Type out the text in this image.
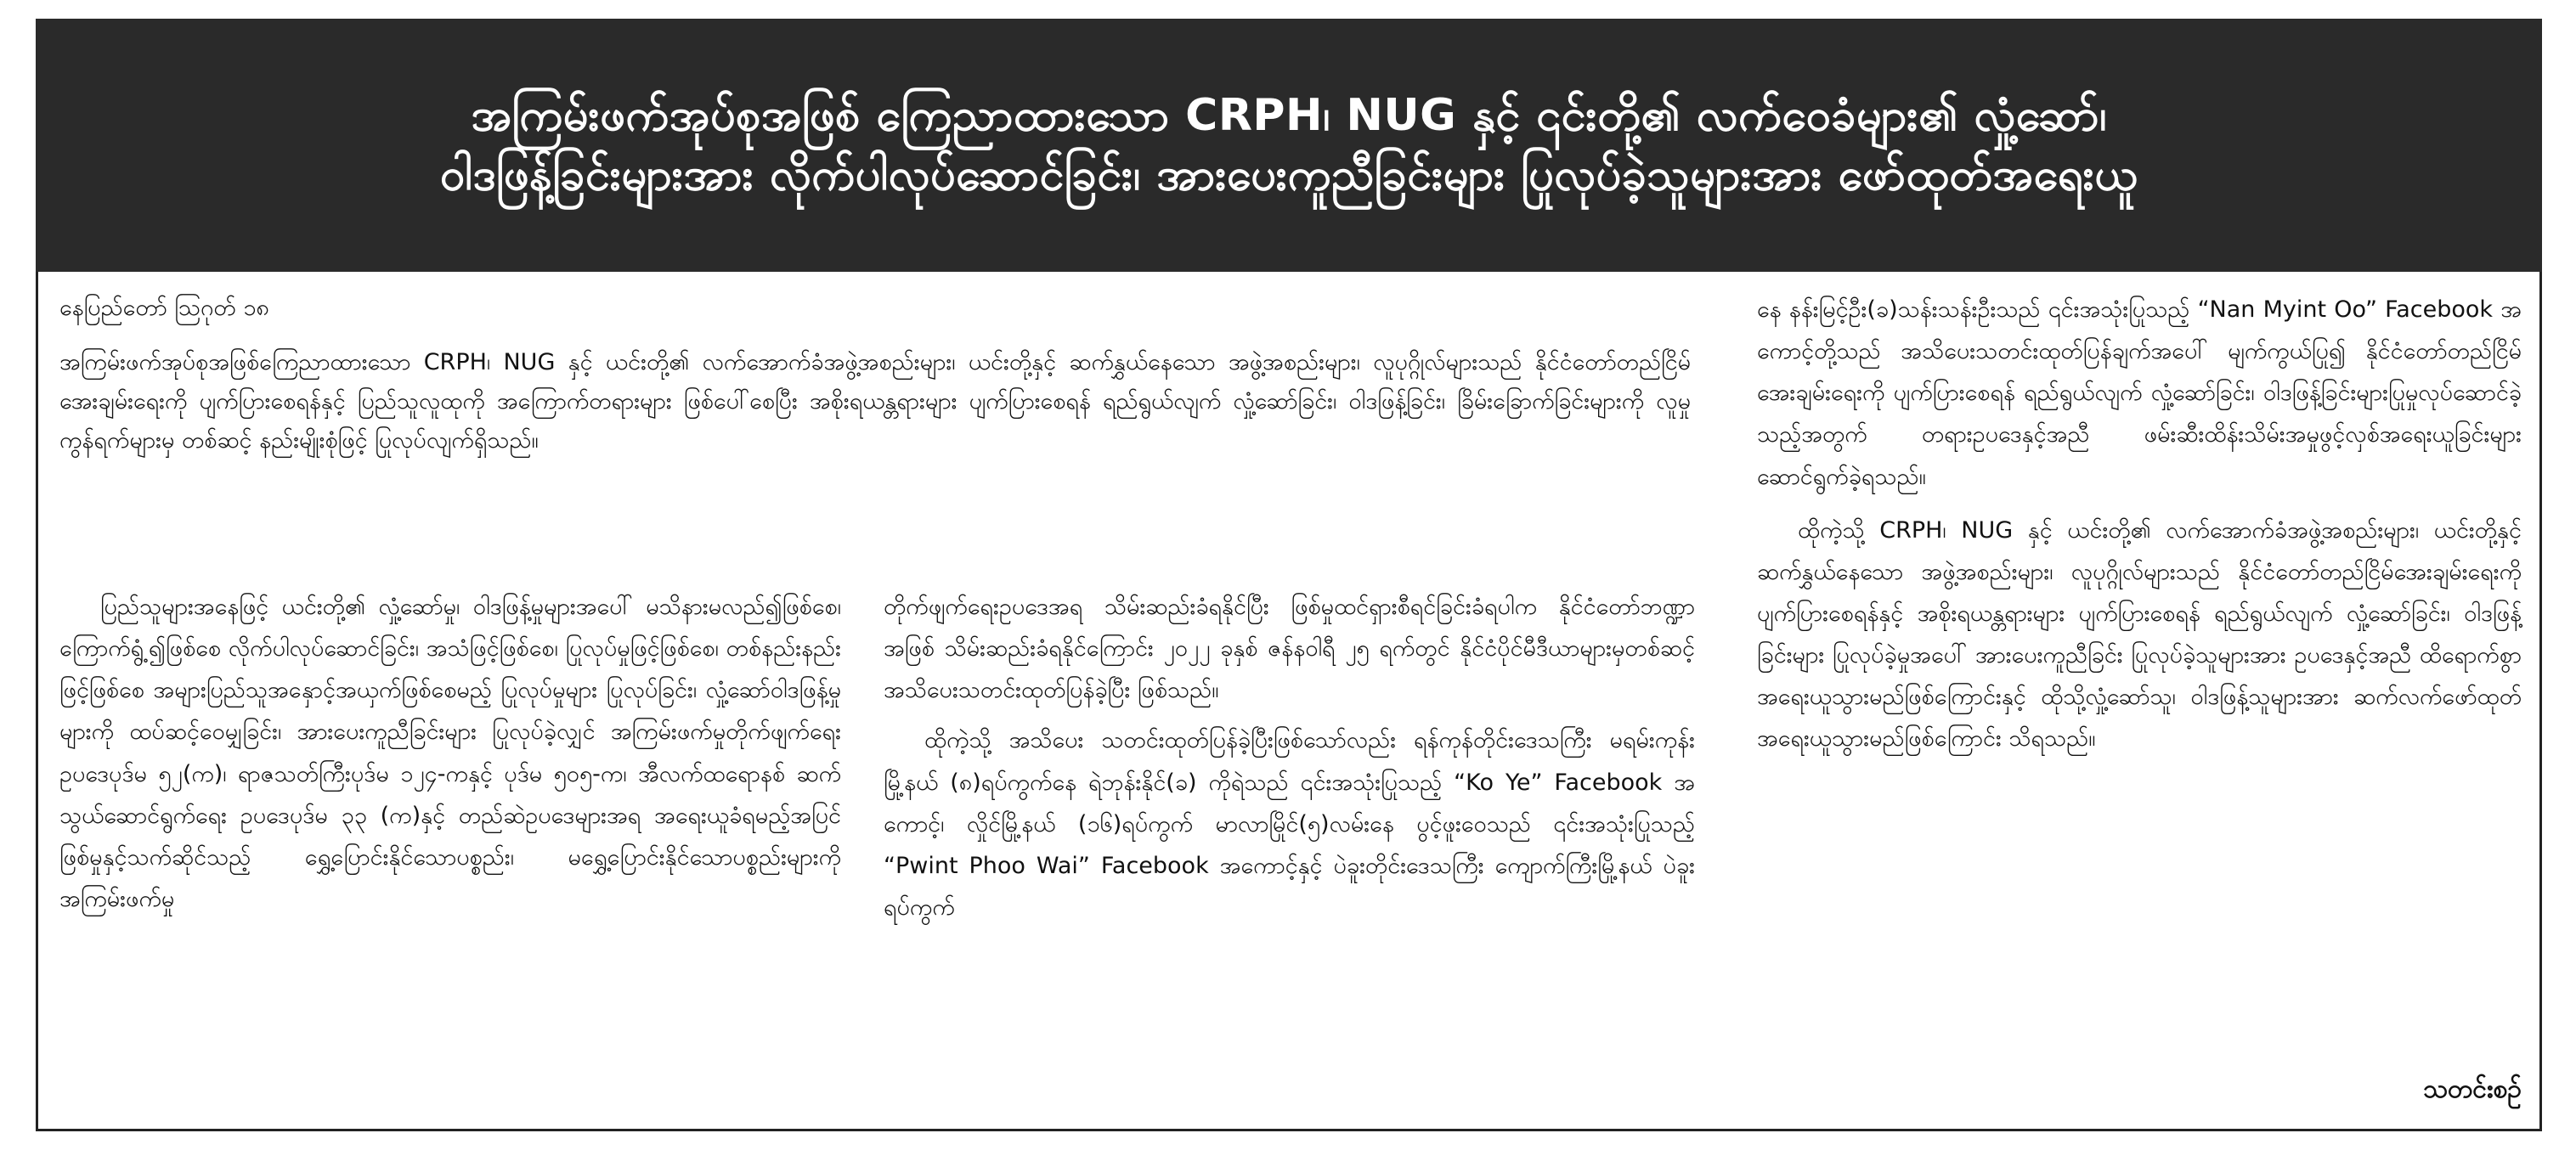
အကြမ်းဖက်အုပ်စုအဖြစ် ကြေညာထားသော CRPH၊ NUG နှင့် ၎င်းတို့၏ လက်ဝေခံများ၏ လှုံ့ဆော်၊
ဝါဒဖြန့်ခြင်းများအား လိုက်ပါလုပ်ဆောင်ခြင်း၊ အားပေးကူညီခြင်းများ ပြုလုပ်ခဲ့သူများအား ဖော်ထုတ်အရေးယူ

နေပြည်တော် ဩဂုတ် ၁၈

အကြမ်းဖက်အုပ်စုအဖြစ်ကြေညာထားသော CRPH၊ NUG နှင့် ယင်းတို့၏ လက်အောက်ခံအဖွဲ့အစည်းများ၊ ယင်းတို့နှင့် ဆက်နွှယ်နေသော အဖွဲ့အစည်းများ၊ လူပုဂ္ဂိုလ်များသည် နိုင်ငံတော်တည်ငြိမ်အေးချမ်းရေးကို ပျက်ပြားစေရန်နှင့် ပြည်သူလူထုကို အကြောက်တရားများ ဖြစ်ပေါ်စေပြီး အစိုးရယန္တရားများ ပျက်ပြားစေရန် ရည်ရွယ်လျက် လှုံ့ဆော်ခြင်း၊ ဝါဒဖြန့်ခြင်း၊ ခြိမ်းခြောက်ခြင်းများကို လူမှုကွန်ရက်များမှ တစ်ဆင့် နည်းမျိုးစုံဖြင့် ပြုလုပ်လျက်ရှိသည်။

ပြည်သူများအနေဖြင့် ယင်းတို့၏ လှုံ့ဆော်မှု၊ ဝါဒဖြန့်မှုများအပေါ် မသိနားမလည်၍ဖြစ်စေ၊ ကြောက်ရွံ့၍ဖြစ်စေ လိုက်ပါလုပ်ဆောင်ခြင်း၊ အသံဖြင့်ဖြစ်စေ၊ ပြုလုပ်မှုဖြင့်ဖြစ်စေ၊ တစ်နည်းနည်းဖြင့်ဖြစ်စေ အများပြည်သူအနှောင့်အယှက်ဖြစ်စေမည့် ပြုလုပ်မှုများ ပြုလုပ်ခြင်း၊ လှုံ့ဆော်ဝါဒဖြန့်မှုများကို ထပ်ဆင့်ဝေမျှခြင်း၊ အားပေးကူညီခြင်းများ ပြုလုပ်ခဲ့လျှင် အကြမ်းဖက်မှုတိုက်ဖျက်ရေး ဥပဒေပုဒ်မ ၅၂(က)၊ ရာဇသတ်ကြီးပုဒ်မ ၁၂၄-ကနှင့် ပုဒ်မ ၅၀၅-က၊ အီလက်ထရောနစ် ဆက်သွယ်ဆောင်ရွက်ရေး ဥပဒေပုဒ်မ ၃၃ (က)နှင့် တည်ဆဲဥပဒေများအရ အရေးယူခံရမည့်အပြင် ဖြစ်မှုနှင့်သက်ဆိုင်သည့် ရွှေ့ပြောင်းနိုင်သောပစ္စည်း၊ မရွှေ့ပြောင်းနိုင်သောပစ္စည်းများကို အကြမ်းဖက်မှု

တိုက်ဖျက်ရေးဥပဒေအရ သိမ်းဆည်းခံရနိုင်ပြီး ဖြစ်မှုထင်ရှားစီရင်ခြင်းခံရပါက နိုင်ငံတော်ဘဏ္ဍာအဖြစ် သိမ်းဆည်းခံရနိုင်ကြောင်း ၂၀၂၂ ခုနှစ် ဇန်နဝါရီ ၂၅ ရက်တွင် နိုင်ငံပိုင်မီဒီယာများမှတစ်ဆင့် အသိပေးသတင်းထုတ်ပြန်ခဲ့ပြီး ဖြစ်သည်။

ထိုကဲ့သို့ အသိပေး သတင်းထုတ်ပြန်ခဲ့ပြီးဖြစ်သော်လည်း ရန်ကုန်တိုင်းဒေသကြီး မရမ်းကုန်းမြို့နယ် (၈)ရပ်ကွက်နေ ရဲဘုန်းနိုင်(ခ) ကိုရဲသည် ၎င်းအသုံးပြုသည့် “Ko Ye” Facebook အကောင့်၊ လှိုင်မြို့နယ် (၁၆)ရပ်ကွက် မာလာမြိုင်(၅)လမ်းနေ ပွင့်ဖူးဝေသည် ၎င်းအသုံးပြုသည့် “Pwint Phoo Wai” Facebook အကောင့်နှင့် ပဲခူးတိုင်းဒေသကြီး ကျောက်ကြီးမြို့နယ် ပဲခူးရပ်ကွက်

နေ နန်းမြင့်ဦး(ခ)သန်းသန်းဦးသည် ၎င်းအသုံးပြုသည့် “Nan Myint Oo” Facebook အကောင့်တို့သည် အသိပေးသတင်းထုတ်ပြန်ချက်အပေါ် မျက်ကွယ်ပြု၍ နိုင်ငံတော်တည်ငြိမ်အေးချမ်းရေးကို ပျက်ပြားစေရန် ရည်ရွယ်လျက် လှုံ့ဆော်ခြင်း၊ ဝါဒဖြန့်ခြင်းများပြုမှုလုပ်ဆောင်ခဲ့သည့်အတွက် တရားဥပဒေနှင့်အညီ ဖမ်းဆီးထိန်းသိမ်းအမှုဖွင့်လှစ်အရေးယူခြင်းများ ဆောင်ရွက်ခဲ့ရသည်။

ထိုကဲ့သို့ CRPH၊ NUG နှင့် ယင်းတို့၏ လက်အောက်ခံအဖွဲ့အစည်းများ၊ ယင်းတို့နှင့် ဆက်နွှယ်နေသော အဖွဲ့အစည်းများ၊ လူပုဂ္ဂိုလ်များသည် နိုင်ငံတော်တည်ငြိမ်အေးချမ်းရေးကို ပျက်ပြားစေရန်နှင့် အစိုးရယန္တရားများ ပျက်ပြားစေရန် ရည်ရွယ်လျက် လှုံ့ဆော်ခြင်း၊ ဝါဒဖြန့်ခြင်းများ ပြုလုပ်ခဲ့မှုအပေါ် အားပေးကူညီခြင်း ပြုလုပ်ခဲ့သူများအား ဥပဒေနှင့်အညီ ထိရောက်စွာ အရေးယူသွားမည်ဖြစ်ကြောင်းနှင့် ထိုသို့လှုံ့ဆော်သူ၊ ဝါဒဖြန့်သူများအား ဆက်လက်ဖော်ထုတ်အရေးယူသွားမည်ဖြစ်ကြောင်း သိရသည်။

သတင်းစဉ်
